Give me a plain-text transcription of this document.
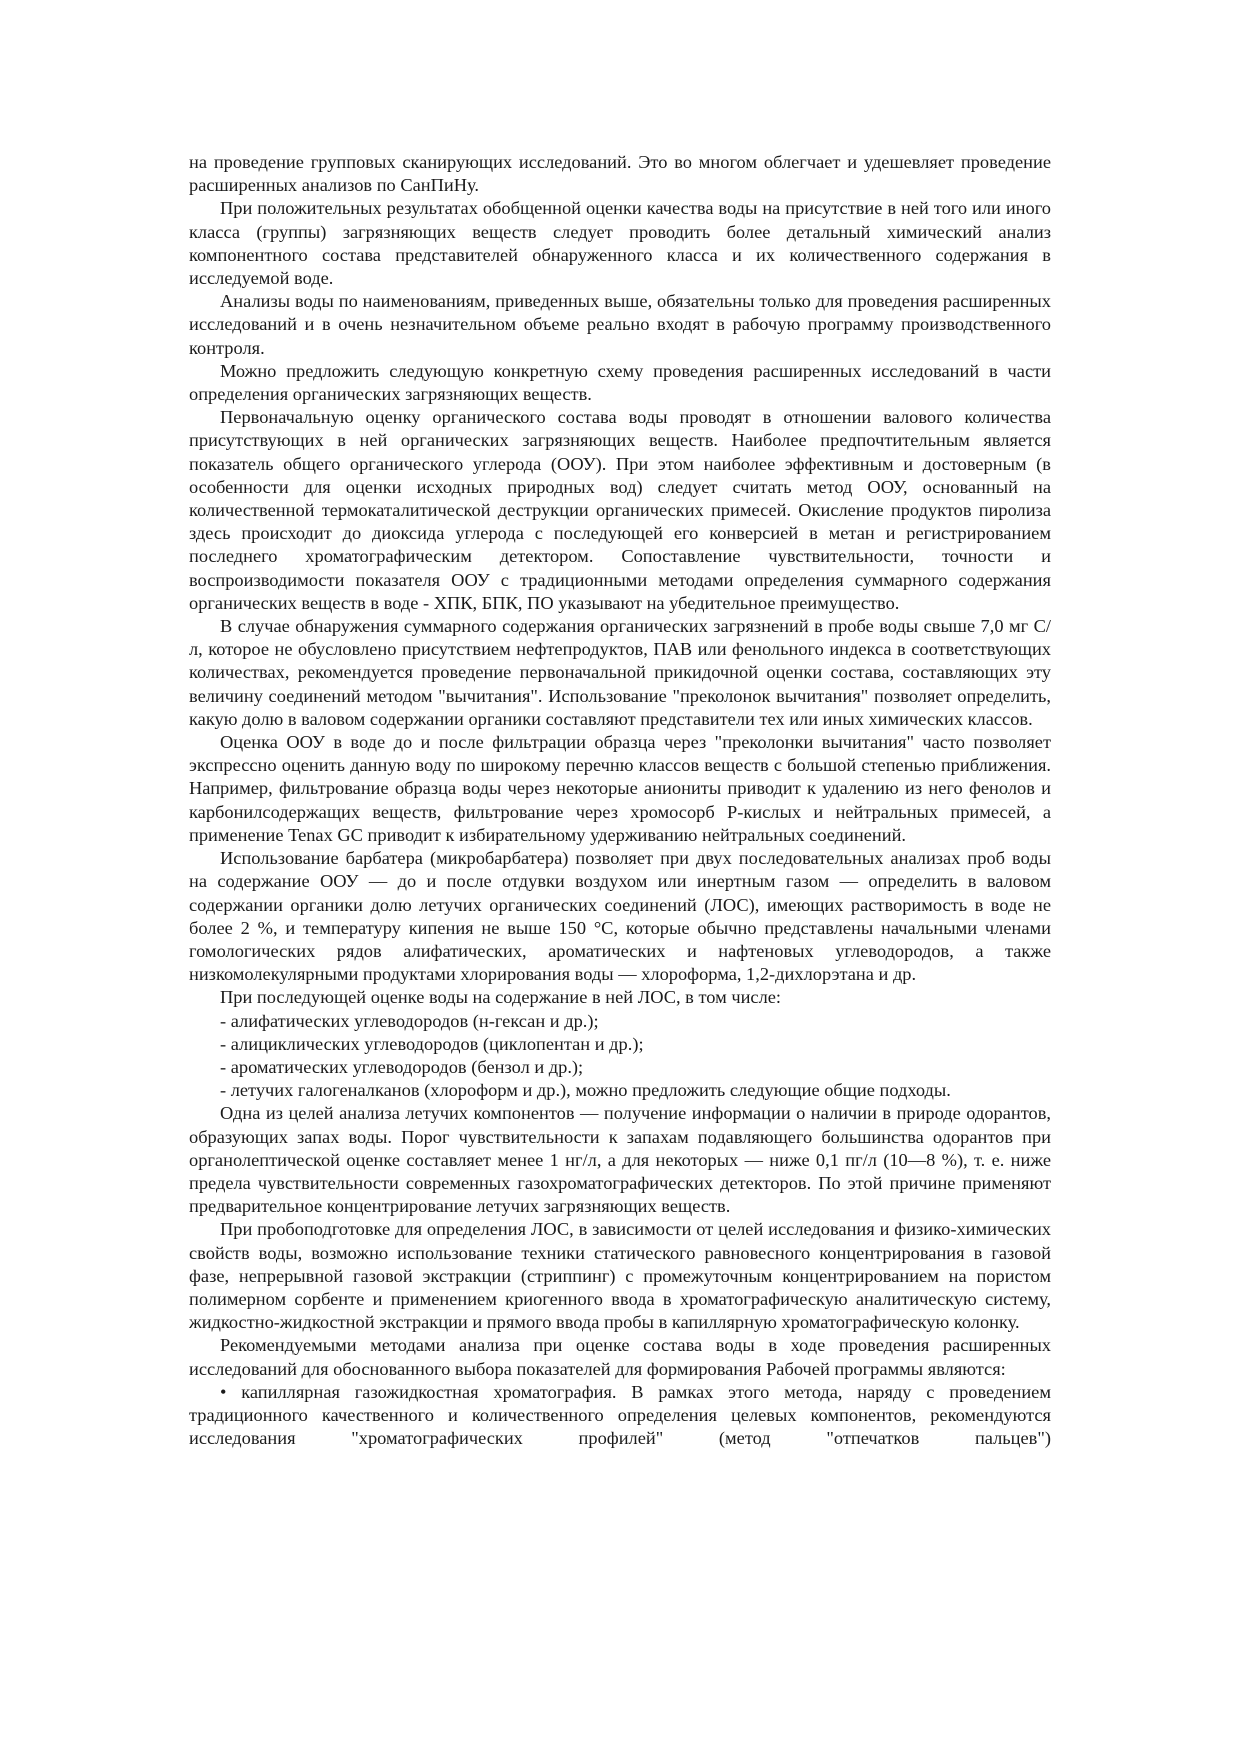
на проведение групповых сканирующих исследований. Это во многом облегчает и удешевляет проведение расширенных анализов по СанПиНу.

При положительных результатах обобщенной оценки качества воды на присутствие в ней того или иного класса (группы) загрязняющих веществ следует проводить более детальный химический анализ компонентного состава представителей обнаруженного класса и их количественного содержания в исследуемой воде.

Анализы воды по наименованиям, приведенных выше, обязательны только для проведения расширенных исследований и в очень незначительном объеме реально входят в рабочую программу производственного контроля.

Можно предложить следующую конкретную схему проведения расширенных исследований в части определения органических загрязняющих веществ.

Первоначальную оценку органического состава воды проводят в отношении валового количества присутствующих в ней органических загрязняющих веществ. Наиболее предпочтительным является показатель общего органического углерода (ООУ). При этом наиболее эффективным и достоверным (в особенности для оценки исходных природных вод) следует считать метод ООУ, основанный на количественной термокаталитической деструкции органических примесей. Окисление продуктов пиролиза здесь происходит до диоксида углерода с последующей его конверсией в метан и регистрированием последнего хроматографическим детектором. Сопоставление чувствительности, точности и воспроизводимости показателя ООУ с традиционными методами определения суммарного содержания органических веществ в воде - ХПК, БПК, ПО указывают на убедительное преимущество.

В случае обнаружения суммарного содержания органических загрязнений в пробе воды свыше 7,0 мг С/л, которое не обусловлено присутствием нефтепродуктов, ПАВ или фенольного индекса в соответствующих количествах, рекомендуется проведение первоначальной прикидочной оценки состава, составляющих эту величину соединений методом "вычитания". Использование "преколонок вычитания" позволяет определить, какую долю в валовом содержании органики составляют представители тех или иных химических классов.

Оценка ООУ в воде до и после фильтрации образца через "преколонки вычитания" часто позволяет экспрессно оценить данную воду по широкому перечню классов веществ с большой степенью приближения. Например, фильтрование образца воды через некоторые аниониты приводит к удалению из него фенолов и карбонилсодержащих веществ, фильтрование через хромосорб Р-кислых и нейтральных примесей, а применение Tenax GC приводит к избирательному удерживанию нейтральных соединений.

Использование барбатера (микробарбатера) позволяет при двух последовательных анализах проб воды на содержание ООУ — до и после отдувки воздухом или инертным газом — определить в валовом содержании органики долю летучих органических соединений (ЛОС), имеющих растворимость в воде не более 2 %, и температуру кипения не выше 150 °С, которые обычно представлены начальными членами гомологических рядов алифатических, ароматических и нафтеновых углеводородов, а также низкомолекулярными продуктами хлорирования воды — хлороформа, 1,2-дихлорэтана и др.

При последующей оценке воды на содержание в ней ЛОС, в том числе:

- алифатических углеводородов (н-гексан и др.);

- алициклических углеводородов (циклопентан и др.);

- ароматических углеводородов (бензол и др.);

- летучих галогеналканов (хлороформ и др.), можно предложить следующие общие подходы.

Одна из целей анализа летучих компонентов — получение информации о наличии в природе одорантов, образующих запах воды. Порог чувствительности к запахам подавляющего большинства одорантов при органолептической оценке составляет менее 1 нг/л, а для некоторых — ниже 0,1 пг/л (10—8 %), т. е. ниже предела чувствительности современных газохроматографических детекторов. По этой причине применяют предварительное концентрирование летучих загрязняющих веществ.

При пробоподготовке для определения ЛОС, в зависимости от целей исследования и физико-химических свойств воды, возможно использование техники статического равновесного концентрирования в газовой фазе, непрерывной газовой экстракции (стриппинг) с промежуточным концентрированием на пористом полимерном сорбенте и применением криогенного ввода в хроматографическую аналитическую систему, жидкостно-жидкостной экстракции и прямого ввода пробы в капиллярную хроматографическую колонку.

Рекомендуемыми методами анализа при оценке состава воды в ходе проведения расширенных исследований для обоснованного выбора показателей для формирования Рабочей программы являются:

• капиллярная газожидкостная хроматография. В рамках этого метода, наряду с проведением традиционного качественного и количественного определения целевых компонентов, рекомендуются исследования "хроматографических профилей" (метод "отпечатков пальцев")
